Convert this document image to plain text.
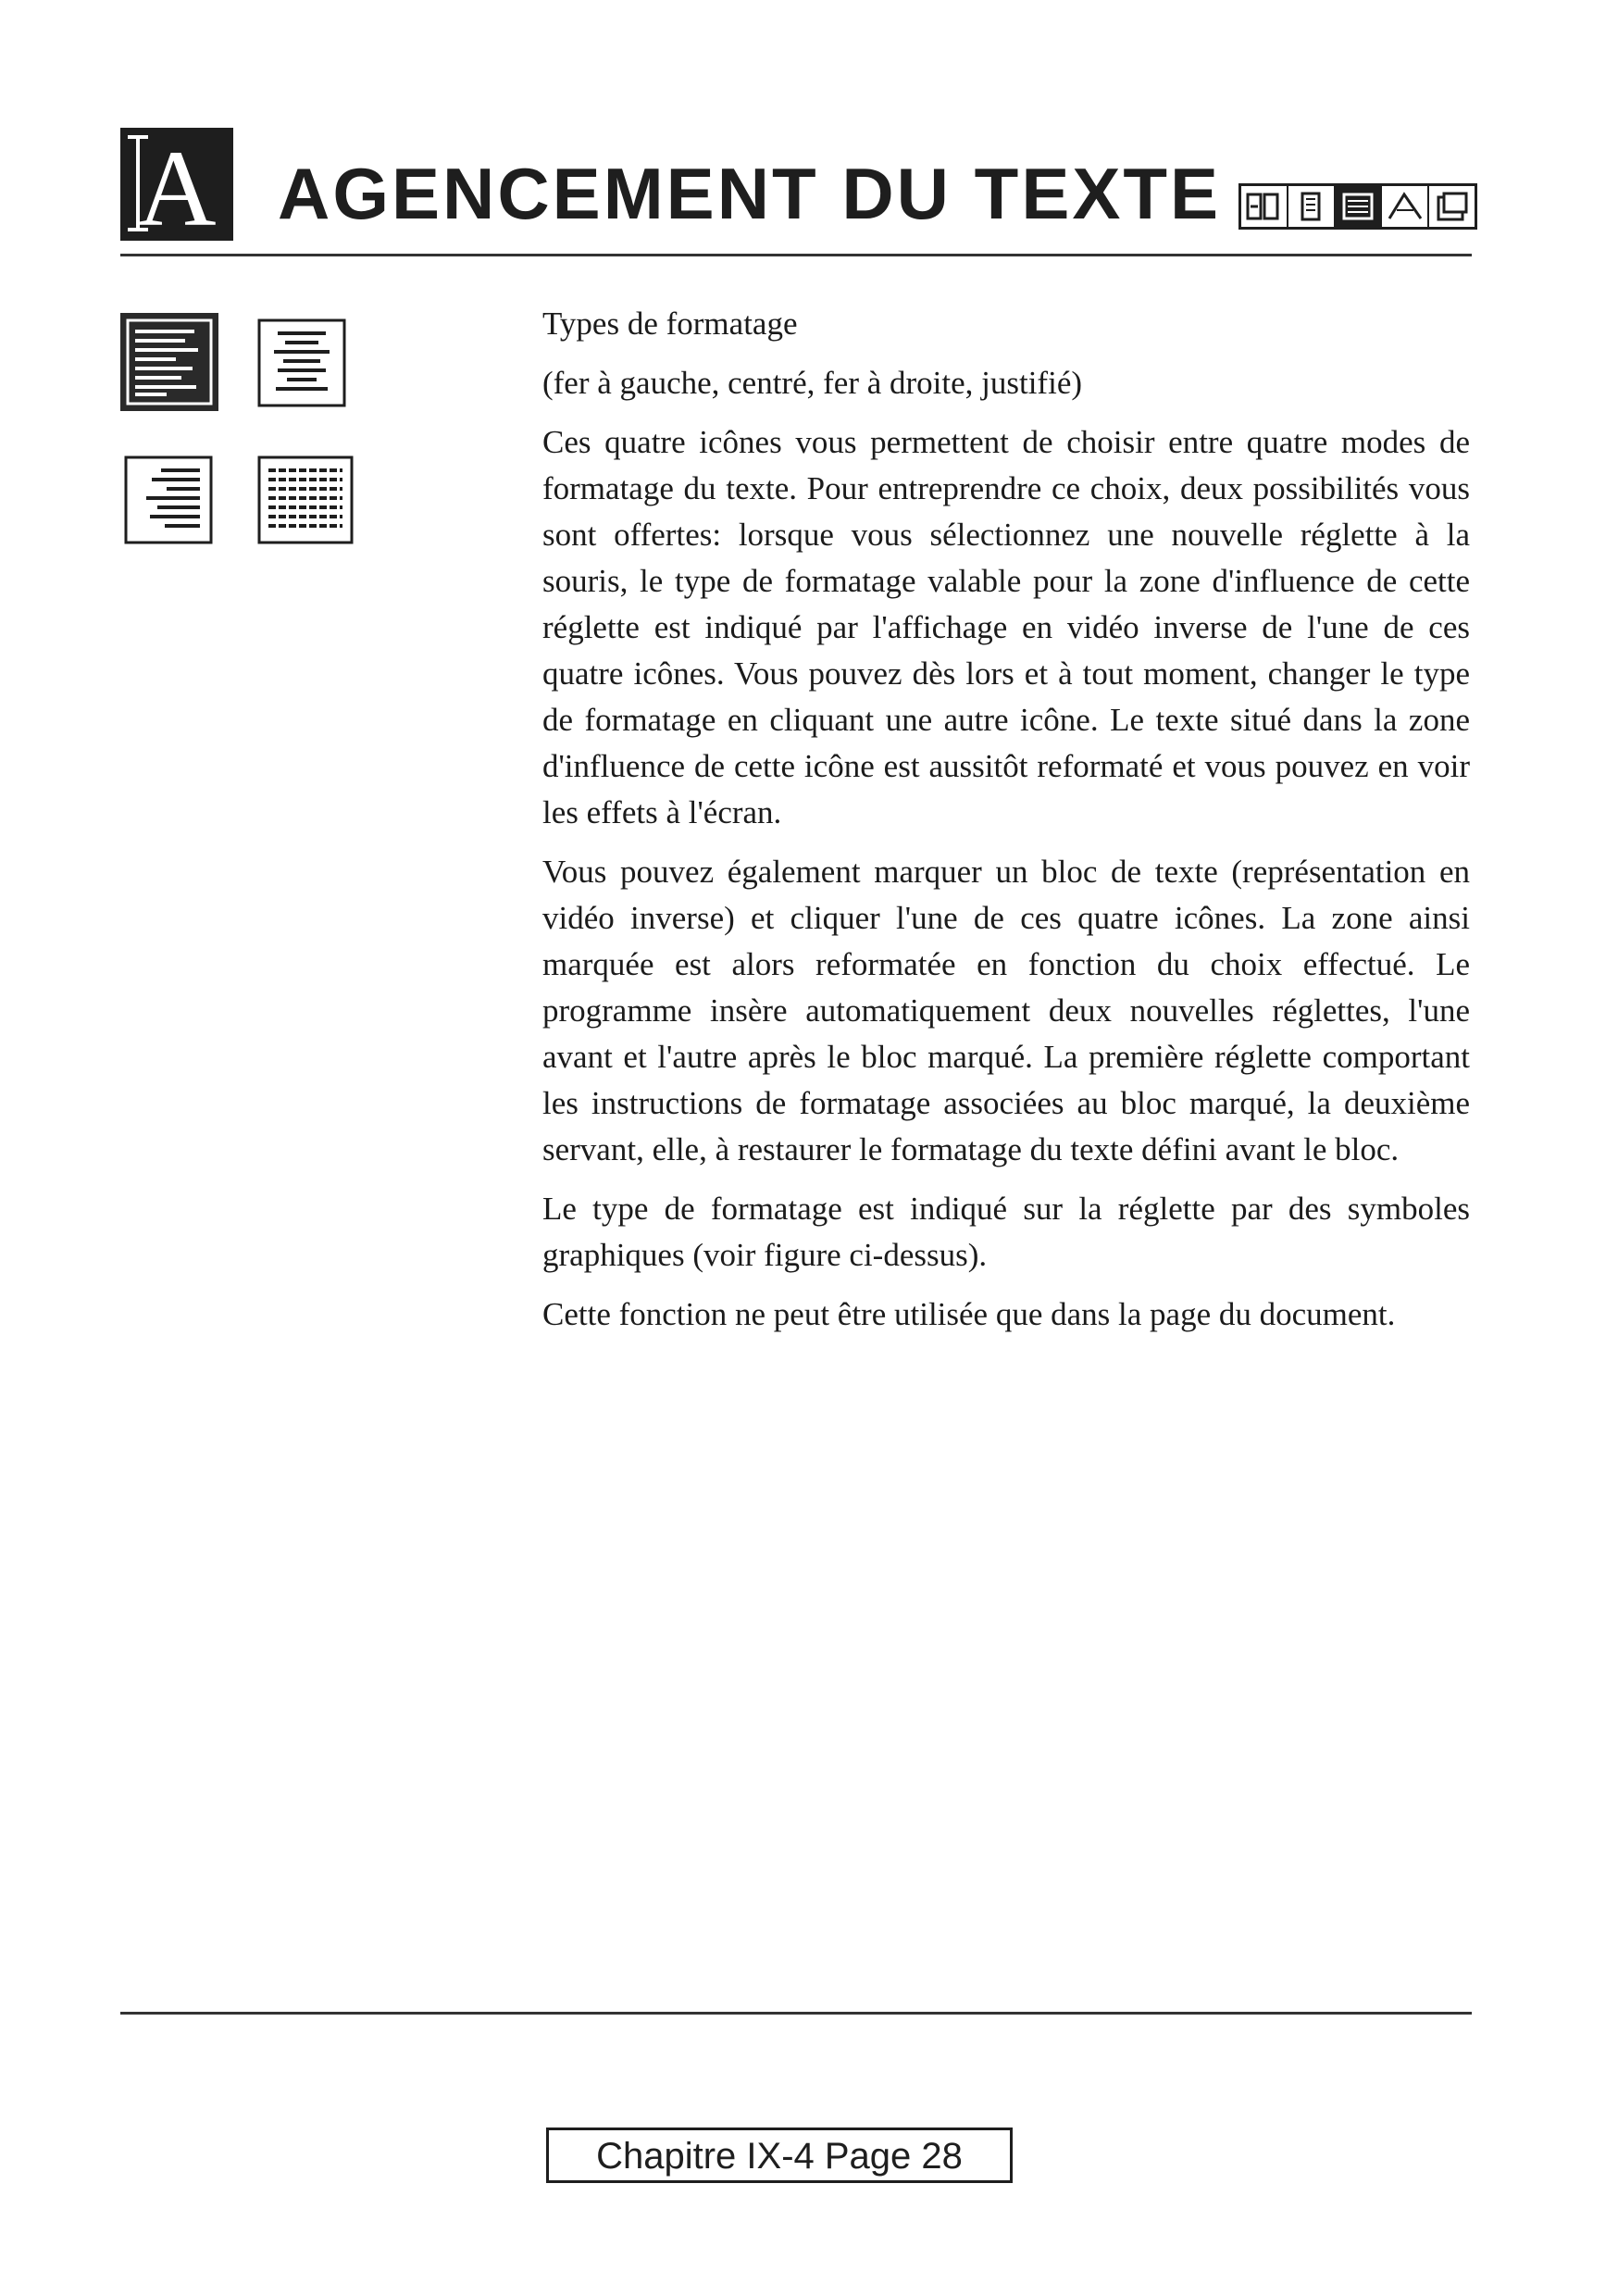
A AGENCEMENT DU TEXTE

Types de formatage

(fer à gauche, centré, fer à droite, justifié)

Ces quatre icônes vous permettent de choisir entre quatre modes de formatage du texte. Pour entreprendre ce choix, deux possibilités vous sont offertes: lorsque vous sélectionnez une nouvelle réglette à la souris, le type de formatage valable pour la zone d'influence de cette réglette est indiqué par l'affichage en vidéo inverse de l'une de ces quatre icônes. Vous pouvez dès lors et à tout moment, changer le type de formatage en cliquant une autre icône. Le texte situé dans la zone d'influence de cette icône est aussitôt reformaté et vous pouvez en voir les effets à l'écran.

Vous pouvez également marquer un bloc de texte (représentation en vidéo inverse) et cliquer l'une de ces quatre icônes. La zone ainsi marquée est alors reformatée en fonction du choix effectué. Le programme insère automatiquement deux nouvelles réglettes, l'une avant et l'autre après le bloc marqué. La première réglette comportant les instructions de formatage associées au bloc marqué, la deuxième servant, elle, à restaurer le formatage du texte défini avant le bloc.

Le type de formatage est indiqué sur la réglette par des symboles graphiques (voir figure ci-dessus).

Cette fonction ne peut être utilisée que dans la page du document.

Chapitre IX-4 Page 28
